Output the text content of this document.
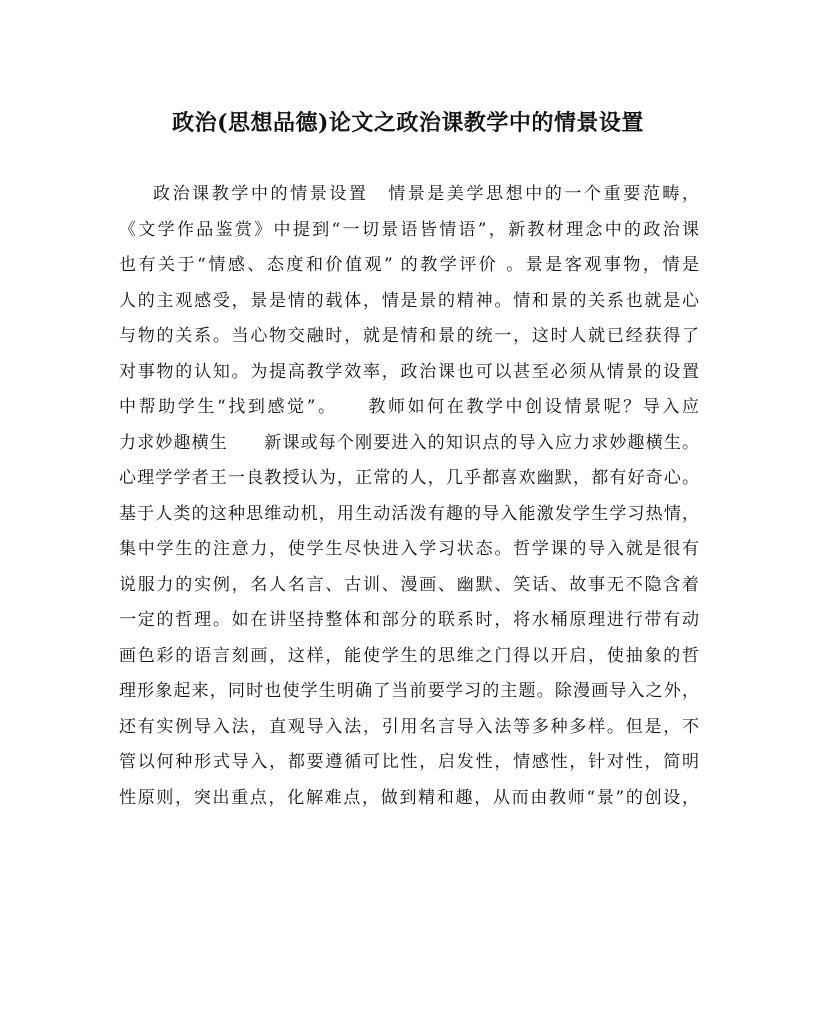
政治(思想品德)论文之政治课教学中的情景设置
政治课教学中的情景设置　情景是美学思想中的一个重要范畴，
《文学作品鉴赏》中提到“一切景语皆情语”，新教材理念中的政治课
也有关于“情感、态度和价值观” 的教学评价 。景是客观事物，情是
人的主观感受，景是情的载体，情是景的精神。情和景的关系也就是心
与物的关系。当心物交融时，就是情和景的统一，这时人就已经获得了
对事物的认知。为提高教学效率，政治课也可以甚至必须从情景的设置
中帮助学生“找到感觉”。　　教师如何在教学中创设情景呢？导入应
力求妙趣横生　　新课或每个刚要进入的知识点的导入应力求妙趣横生。
心理学学者王一良教授认为，正常的人，几乎都喜欢幽默，都有好奇心。
基于人类的这种思维动机，用生动活泼有趣的导入能激发学生学习热情，
集中学生的注意力，使学生尽快进入学习状态。哲学课的导入就是很有
说服力的实例，名人名言、古训、漫画、幽默、笑话、故事无不隐含着
一定的哲理。如在讲坚持整体和部分的联系时，将水桶原理进行带有动
画色彩的语言刻画，这样，能使学生的思维之门得以开启，使抽象的哲
理形象起来，同时也使学生明确了当前要学习的主题。除漫画导入之外，
还有实例导入法，直观导入法，引用名言导入法等多种多样。但是，不
管以何种形式导入，都要遵循可比性，启发性，情感性，针对性，简明
性原则，突出重点，化解难点，做到精和趣，从而由教师“景”的创设，
